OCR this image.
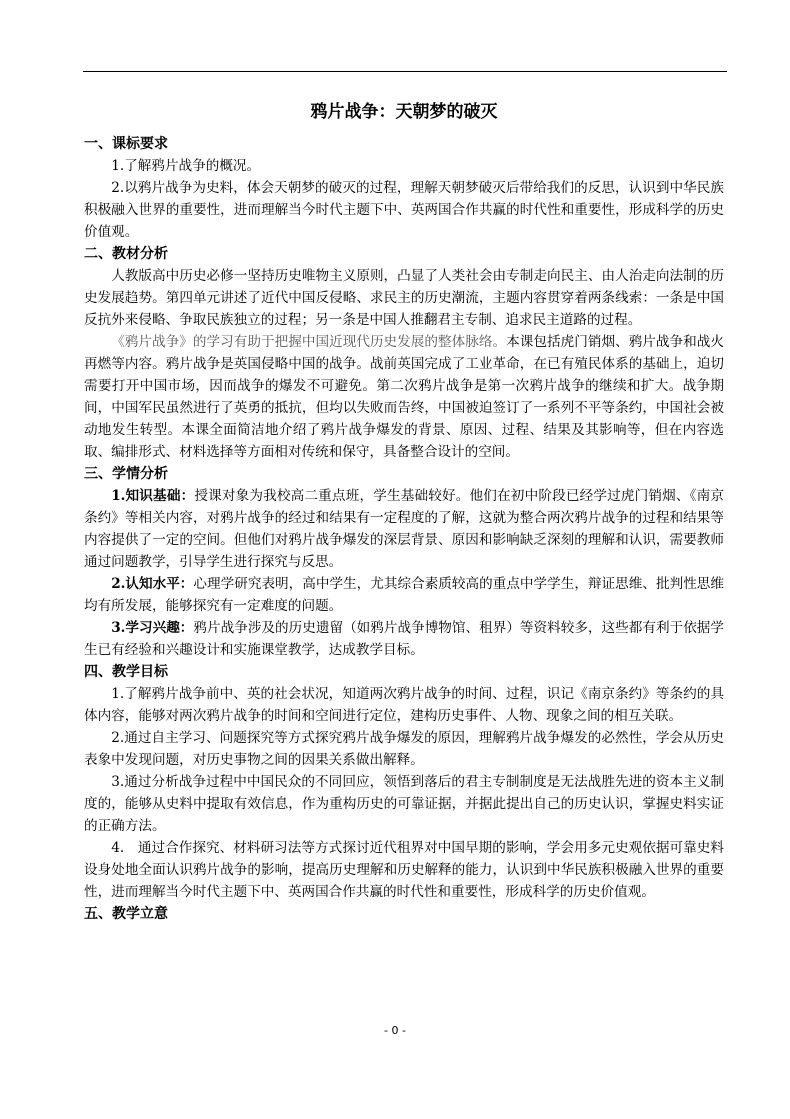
鸦片战争：天朝梦的破灭
一、课标要求

1.了解鸦片战争的概况。

2.以鸦片战争为史料，体会天朝梦的破灭的过程，理解天朝梦破灭后带给我们的反思，认识到中华民族积极融入世界的重要性，进而理解当今时代主题下中、英两国合作共赢的时代性和重要性，形成科学的历史价值观。

二、教材分析

人教版高中历史必修一坚持历史唯物主义原则，凸显了人类社会由专制走向民主、由人治走向法制的历史发展趋势。第四单元讲述了近代中国反侵略、求民主的历史潮流，主题内容贯穿着两条线索：一条是中国反抗外来侵略、争取民族独立的过程；另一条是中国人推翻君主专制、追求民主道路的过程。

《鸦片战争》的学习有助于把握中国近现代历史发展的整体脉络。本课包括虎门销烟、鸦片战争和战火再燃等内容。鸦片战争是英国侵略中国的战争。战前英国完成了工业革命，在已有殖民体系的基础上，迫切需要打开中国市场，因而战争的爆发不可避免。第二次鸦片战争是第一次鸦片战争的继续和扩大。战争期间，中国军民虽然进行了英勇的抵抗，但均以失败而告终，中国被迫签订了一系列不平等条约，中国社会被动地发生转型。本课全面简洁地介绍了鸦片战争爆发的背景、原因、过程、结果及其影响等，但在内容选取、编排形式、材料选择等方面相对传统和保守，具备整合设计的空间。

三、学情分析

1.知识基础：授课对象为我校高二重点班，学生基础较好。他们在初中阶段已经学过虎门销烟、《南京条约》等相关内容，对鸦片战争的经过和结果有一定程度的了解，这就为整合两次鸦片战争的过程和结果等内容提供了一定的空间。但他们对鸦片战争爆发的深层背景、原因和影响缺乏深刻的理解和认识，需要教师通过问题教学，引导学生进行探究与反思。

2.认知水平：心理学研究表明，高中学生，尤其综合素质较高的重点中学学生，辩证思维、批判性思维均有所发展，能够探究有一定难度的问题。

3.学习兴趣：鸦片战争涉及的历史遗留（如鸦片战争博物馆、租界）等资料较多，这些都有利于依据学生已有经验和兴趣设计和实施课堂教学，达成教学目标。

四、教学目标

1.了解鸦片战争前中、英的社会状况，知道两次鸦片战争的时间、过程，识记《南京条约》等条约的具体内容，能够对两次鸦片战争的时间和空间进行定位，建构历史事件、人物、现象之间的相互关联。

2.通过自主学习、问题探究等方式探究鸦片战争爆发的原因，理解鸦片战争爆发的必然性，学会从历史表象中发现问题，对历史事物之间的因果关系做出解释。

3.通过分析战争过程中中国民众的不同回应，领悟到落后的君主专制制度是无法战胜先进的资本主义制度的，能够从史料中提取有效信息，作为重构历史的可靠证据，并据此提出自己的历史认识，掌握史料实证的正确方法。

4.　通过合作探究、材料研习法等方式探讨近代租界对中国早期的影响，学会用多元史观依据可靠史料设身处地全面认识鸦片战争的影响，提高历史理解和历史解释的能力，认识到中华民族积极融入世界的重要性，进而理解当今时代主题下中、英两国合作共赢的时代性和重要性，形成科学的历史价值观。

五、教学立意
- 0 -
